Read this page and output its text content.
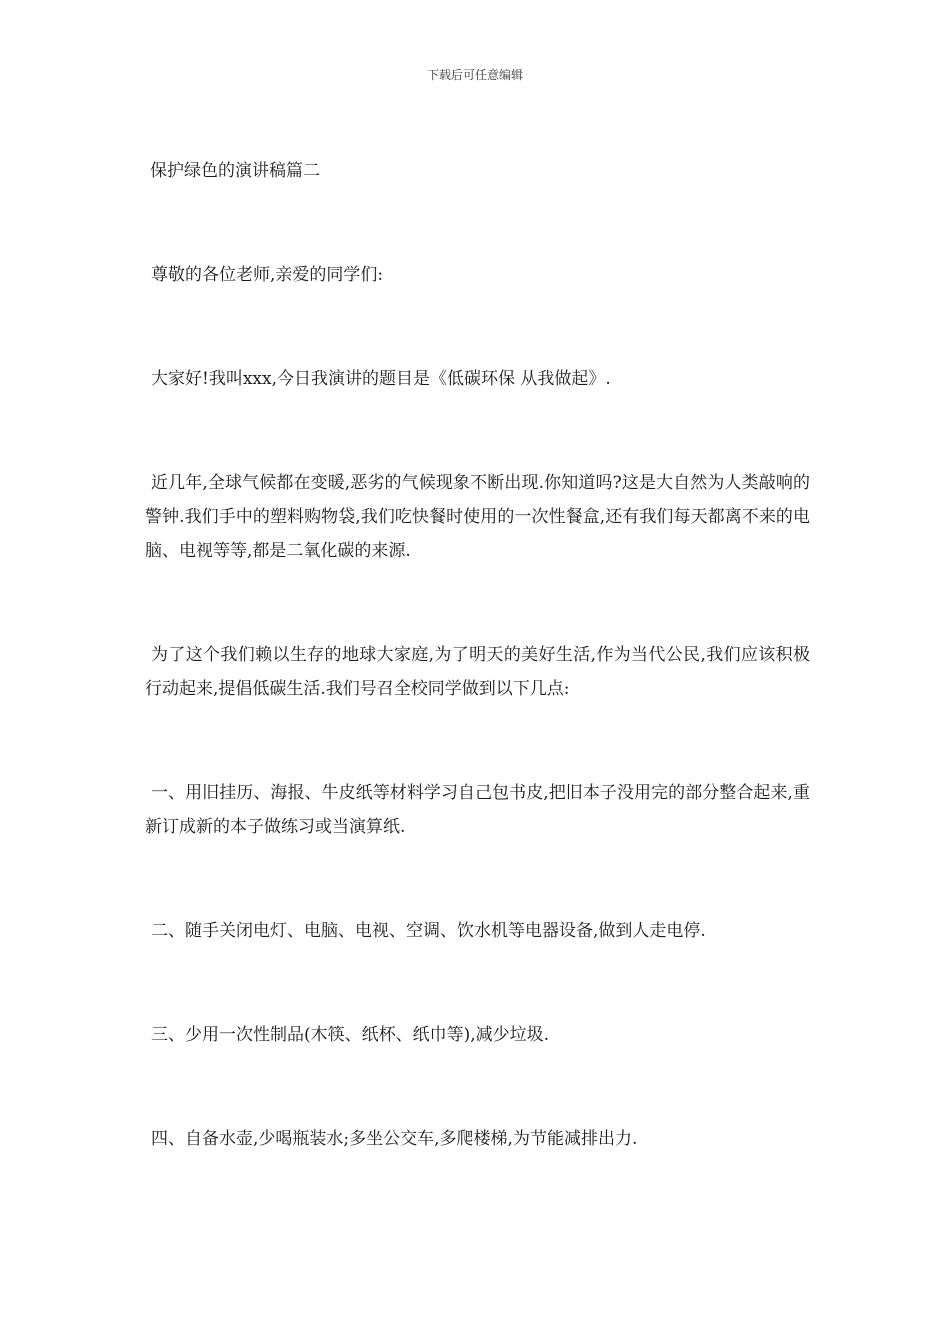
下载后可任意编辑
保护绿色的演讲稿篇二

尊敬的各位老师,亲爱的同学们:

大家好!我叫xxx,今日我演讲的题目是《低碳环保 从我做起》.

近几年,全球气候都在变暖,恶劣的气候现象不断出现.你知道吗?这是大自然为人类敲响的警钟.我们手中的塑料购物袋,我们吃快餐时使用的一次性餐盒,还有我们每天都离不来的电脑、电视等等,都是二氧化碳的来源.

为了这个我们赖以生存的地球大家庭,为了明天的美好生活,作为当代公民,我们应该积极行动起来,提倡低碳生活.我们号召全校同学做到以下几点:

一、用旧挂历、海报、牛皮纸等材料学习自己包书皮,把旧本子没用完的部分整合起来,重新订成新的本子做练习或当演算纸.

二、随手关闭电灯、电脑、电视、空调、饮水机等电器设备,做到人走电停.

三、少用一次性制品(木筷、纸杯、纸巾等),减少垃圾.

四、自备水壶,少喝瓶装水;多坐公交车,多爬楼梯,为节能减排出力.
